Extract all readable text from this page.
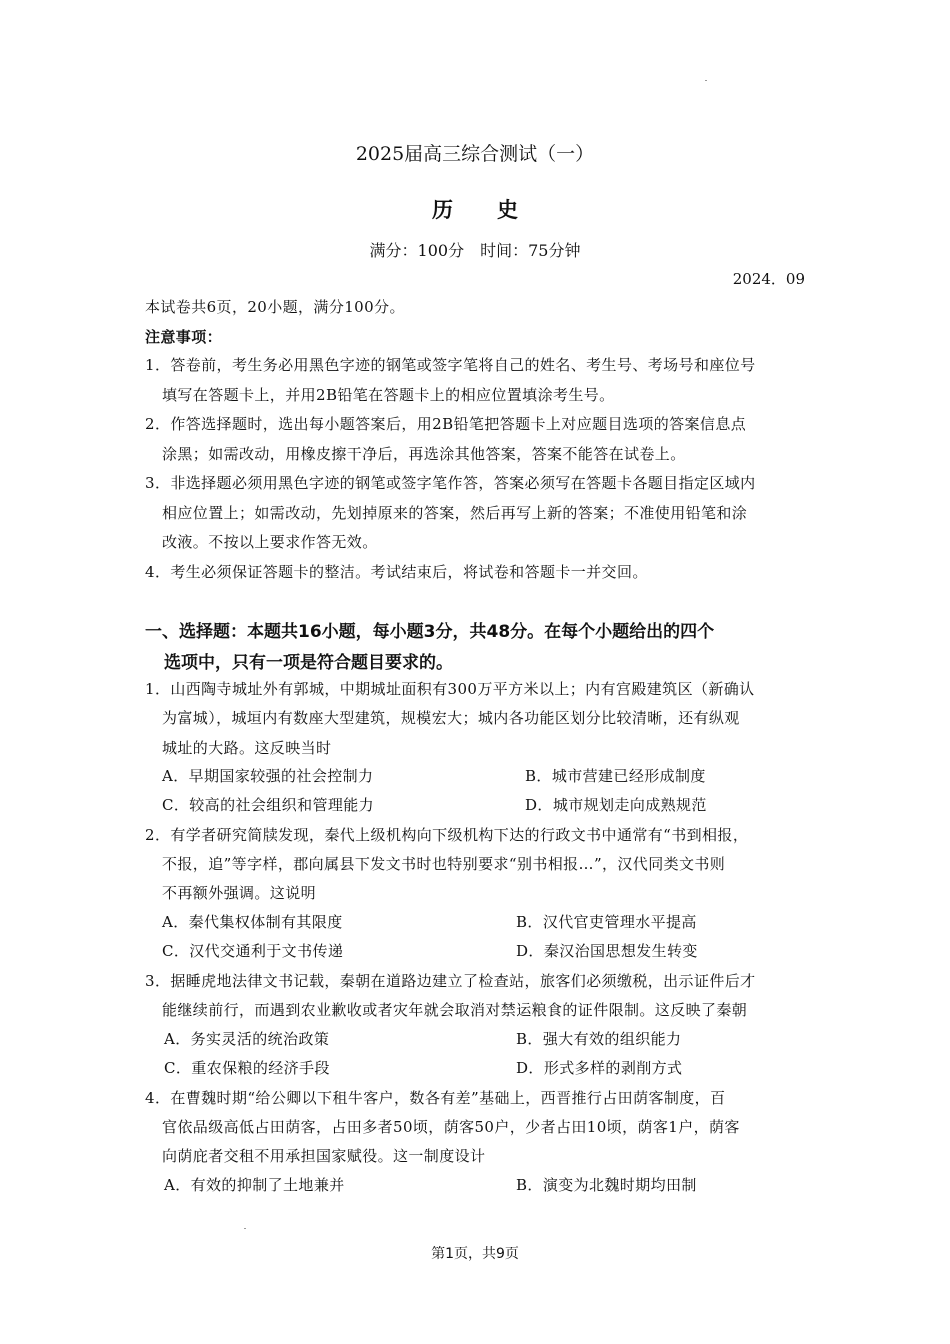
2025届高三综合测试（一）
历史
满分：100分　时间：75分钟
2024．09
本试卷共6页，20小题，满分100分。
注意事项：
1．答卷前，考生务必用黑色字迹的钢笔或签字笔将自己的姓名、考生号、考场号和座位号
填写在答题卡上，并用2B铅笔在答题卡上的相应位置填涂考生号。
2．作答选择题时，选出每小题答案后，用2B铅笔把答题卡上对应题目选项的答案信息点
涂黑；如需改动，用橡皮擦干净后，再选涂其他答案，答案不能答在试卷上。
3．非选择题必须用黑色字迹的钢笔或签字笔作答，答案必须写在答题卡各题目指定区域内
相应位置上；如需改动，先划掉原来的答案，然后再写上新的答案；不准使用铅笔和涂
改液。不按以上要求作答无效。
4．考生必须保证答题卡的整洁。考试结束后，将试卷和答题卡一并交回。
一、选择题：本题共16小题，每小题3分，共48分。在每个小题给出的四个
选项中，只有一项是符合题目要求的。
1．山西陶寺城址外有郭城，中期城址面积有300万平方米以上；内有宫殿建筑区（新确认
为富城），城垣内有数座大型建筑，规模宏大；城内各功能区划分比较清晰，还有纵观
城址的大路。这反映当时
A．早期国家较强的社会控制力	B．城市营建已经形成制度
C．较高的社会组织和管理能力	D．城市规划走向成熟规范
2．有学者研究简牍发现，秦代上级机构向下级机构下达的行政文书中通常有“书到相报，
不报，追”等字样，郡向属县下发文书时也特别要求“别书相报…”，汉代同类文书则
不再额外强调。这说明
A．秦代集权体制有其限度	B．汉代官吏管理水平提高
C．汉代交通利于文书传递	D．秦汉治国思想发生转变
3．据睡虎地法律文书记载，秦朝在道路边建立了检查站，旅客们必须缴税，出示证件后才
能继续前行，而遇到农业歉收或者灾年就会取消对禁运粮食的证件限制。这反映了秦朝
A．务实灵活的统治政策	B．强大有效的组织能力
C．重农保粮的经济手段	D．形式多样的剥削方式
4．在曹魏时期“给公卿以下租牛客户，数各有差”基础上，西晋推行占田荫客制度，百
官依品级高低占田荫客，占田多者50顷，荫客50户，少者占田10顷，荫客1户，荫客
向荫庇者交租不用承担国家赋役。这一制度设计
A．有效的抑制了土地兼并	B．演变为北魏时期均田制
第1页，共9页
